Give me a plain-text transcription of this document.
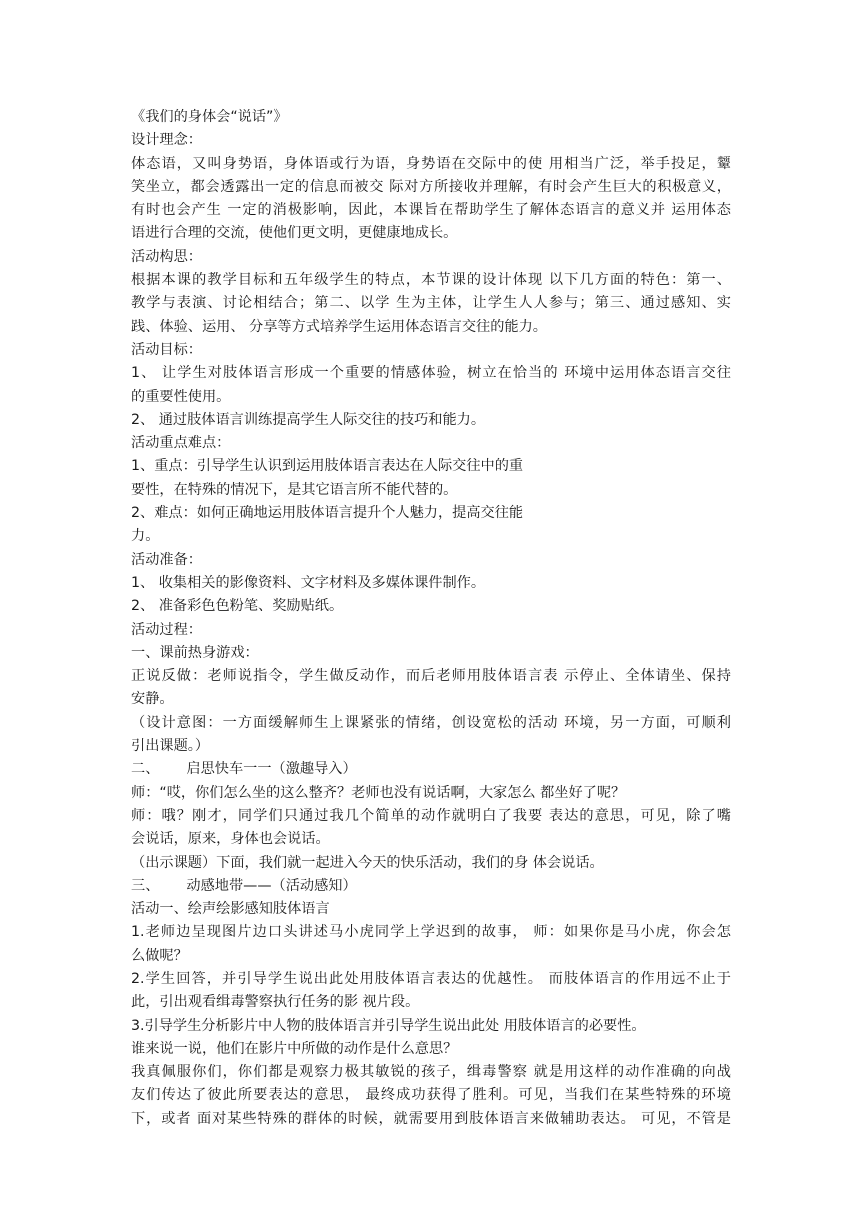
《我们的身体会“说话”》
设计理念：
体态语，又叫身势语，身体语或行为语，身势语在交际中的使 用相当广泛，举手投足，颦
笑坐立，都会透露出一定的信息而被交 际对方所接收并理解，有时会产生巨大的积极意义，
有时也会产生 一定的消极影响，因此，本课旨在帮助学生了解体态语言的意义并 运用体态
语进行合理的交流，使他们更文明，更健康地成长。
活动构思：
根据本课的教学目标和五年级学生的特点，本节课的设计体现 以下几方面的特色：第一、
教学与表演、讨论相结合；第二、以学 生为主体，让学生人人参与；第三、通过感知、实
践、体验、运用、 分享等方式培养学生运用体态语言交往的能力。
活动目标：
1、 让学生对肢体语言形成一个重要的情感体验，树立在恰当的 环境中运用体态语言交往
的重要性使用。
2、 通过肢体语言训练提高学生人际交往的技巧和能力。
活动重点难点：
1、重点：引导学生认识到运用肢体语言表达在人际交往中的重
要性，在特殊的情况下，是其它语言所不能代替的。
2、难点：如何正确地运用肢体语言提升个人魅力，提高交往能
力。
活动准备：
1、 收集相关的影像资料、文字材料及多媒体课件制作。
2、 准备彩色色粉笔、奖励贴纸。
活动过程：
一、课前热身游戏：
正说反做：老师说指令，学生做反动作，而后老师用肢体语言表 示停止、全体请坐、保持
安静。
（设计意图：一方面缓解师生上课紧张的情绪，创设宽松的活动 环境，另一方面，可顺利
引出课题。）
二、      启思快车一一（激趣导入）
师：“哎，你们怎么坐的这么整齐？老师也没有说话啊，大家怎么 都坐好了呢？
师：哦？刚才，同学们只通过我几个简单的动作就明白了我要 表达的意思，可见，除了嘴
会说话，原来，身体也会说话。
（出示课题）下面，我们就一起进入今天的快乐活动，我们的身 体会说话。
三、      动感地带——（活动感知）
活动一、绘声绘影感知肢体语言
1.老师边呈现图片边口头讲述马小虎同学上学迟到的故事， 师：如果你是马小虎，你会怎
么做呢？
2.学生回答，并引导学生说出此处用肢体语言表达的优越性。 而肢体语言的作用远不止于
此，引出观看缉毒警察执行任务的影 视片段。
3.引导学生分析影片中人物的肢体语言并引导学生说出此处 用肢体语言的必要性。
谁来说一说，他们在影片中所做的动作是什么意思？
我真佩服你们，你们都是观察力极其敏锐的孩子，缉毒警察 就是用这样的动作准确的向战
友们传达了彼此所要表达的意思， 最终成功获得了胜利。可见，当我们在某些特殊的环境
下，或者 面对某些特殊的群体的时候，就需要用到肢体语言来做辅助表达。 可见，不管是
